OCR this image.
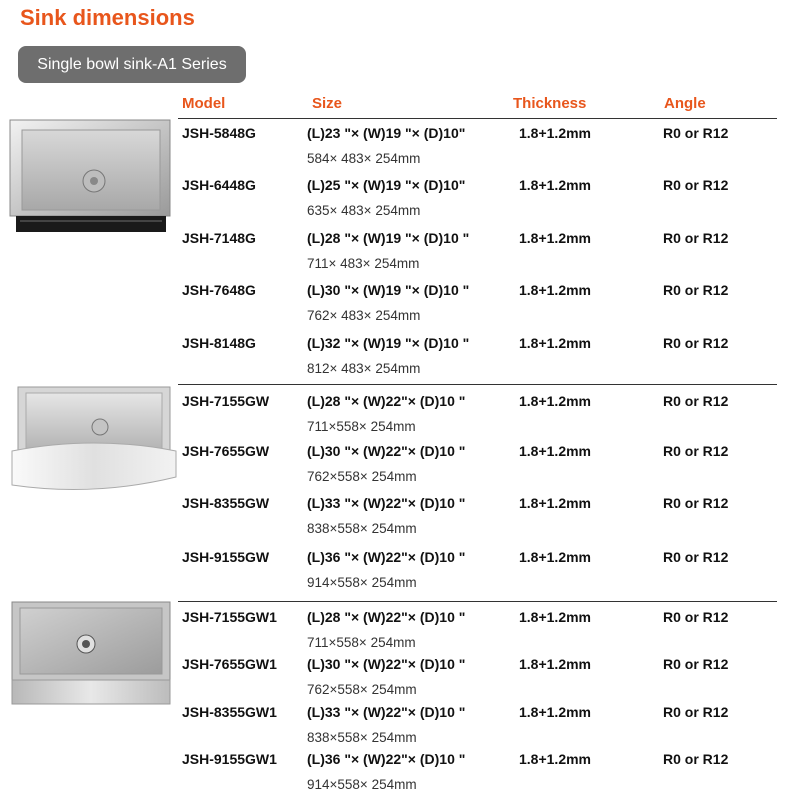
Sink dimensions
Single bowl sink-A1 Series
Model	Size	Thickness	Angle
JSH-5848G	(L)23 "× (W)19 "× (D)10"	1.8+1.2mm	R0 or R12
584× 483× 254mm
JSH-6448G	(L)25 "× (W)19 "× (D)10"	1.8+1.2mm	R0 or R12
635× 483× 254mm
JSH-7148G	(L)28 "× (W)19 "× (D)10 "	1.8+1.2mm	R0 or R12
711× 483× 254mm
JSH-7648G	(L)30 "× (W)19 "× (D)10 "	1.8+1.2mm	R0 or R12
762× 483× 254mm
JSH-8148G	(L)32 "× (W)19 "× (D)10 "	1.8+1.2mm	R0 or R12
812× 483× 254mm
JSH-7155GW	(L)28 "× (W)22"× (D)10 "	1.8+1.2mm	R0 or R12
711×558× 254mm
JSH-7655GW	(L)30 "× (W)22"× (D)10 "	1.8+1.2mm	R0 or R12
762×558× 254mm
JSH-8355GW	(L)33 "× (W)22"× (D)10 "	1.8+1.2mm	R0 or R12
838×558× 254mm
JSH-9155GW	(L)36 "× (W)22"× (D)10 "	1.8+1.2mm	R0 or R12
914×558× 254mm
JSH-7155GW1 (L)28 "× (W)22"× (D)10 "	1.8+1.2mm	R0 or R12
711×558× 254mm
JSH-7655GW1 (L)30 "× (W)22"× (D)10 "	1.8+1.2mm	R0 or R12
762×558× 254mm
JSH-8355GW1 (L)33 "× (W)22"× (D)10 "	1.8+1.2mm	R0 or R12
838×558× 254mm
JSH-9155GW1 (L)36 "× (W)22"× (D)10 "	1.8+1.2mm	R0 or R12
914×558× 254mm
